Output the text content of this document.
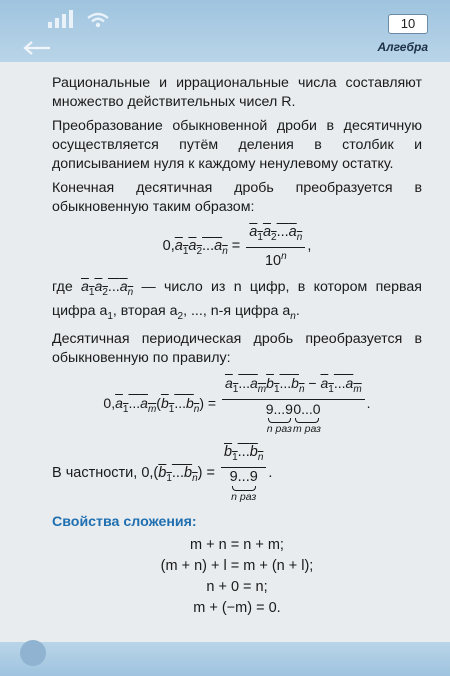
10
Алгебра

Рациональные и иррациональные числа составляют множество действительных чисел R.

Преобразование обыкновенной дроби в десятичную осуществляется путём деления в столбик и дописыванием нуля к каждому ненулевому остатку.

Конечная десятичная дробь преобразуется в обыкновенную таким образом:

$0,a_1a_2...a_n = \frac{a_1a_2...a_n}{10^n}$ ,

где $a_1a_2...a_n$ — число из n цифр, в котором первая цифра $a_1$, вторая $a_2$, ..., n-я цифра $a_n$.

Десятичная периодическая дробь преобразуется в обыкновенную по правилу:

$0,a_1...a_m(b_1...b_n) = a_1...a_mb_1...b_n - a_1...a_m$
9...9
n раз
0...0
m раз .
В частности, $0,(b_1...b_n) = b_1...b_n$
9...9
n раз .
Свойства сложения:
m + n = n + m;
(m + n) + l = m + (n + l);
n + 0 = n;
m + (−m) = 0.
